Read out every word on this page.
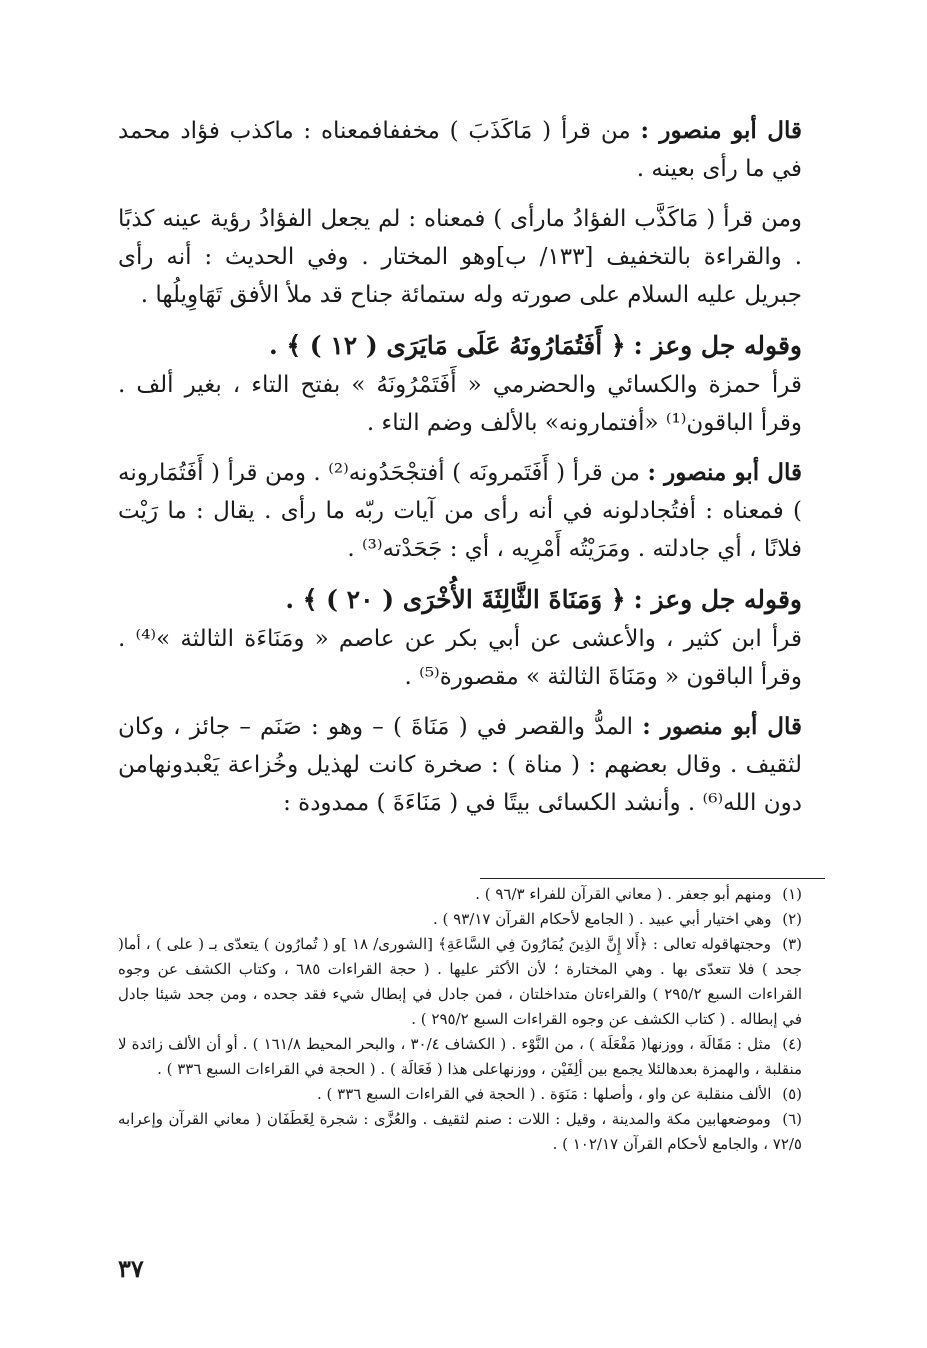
قال أبو منصور : من قرأ ( مَاكَذَبَ ) مخففافمعناه : ماكذب فؤاد محمد في ما رأى بعينه .

ومن قرأ ( مَاكَذَّب الفؤادُ مارأى ) فمعناه : لم يجعل الفؤادُ رؤية عينه كذبًا . والقراءة بالتخفيف [١٣٣/ ب]وهو المختار . وفي الحديث : أنه رأى جبريل عليه السلام على صورته وله ستمائة جناح قد ملأ الأفق تَهَاوِيلُها .

وقوله جل وعز : ﴿ أَفَتُمَارُونَهُ عَلَى مَايَرَى ( ١٢ ) ﴾ .

قرأ حمزة والكسائي والحضرمي « أَفَتَمْرُونَهُ » بفتح التاء ، بغير ألف . وقرأ الباقون⁽¹⁾ «أفتمارونه» بالألف وضم التاء .

قال أبو منصور : من قرأ ( أَفَتَمرونَه ) أفتجْحَدُونه⁽²⁾ . ومن قرأ ( أَفَتُمَارونه ) فمعناه : أفتُجادلونه في أنه رأى من آيات ربّه ما رأى . يقال : ما رَيْت فلانًا ، أي جادلته . ومَرَيْتُه أَمْرِيه ، أي : جَحَدْته⁽³⁾ .

وقوله جل وعز : ﴿ وَمَنَاةَ الثَّالِثَةَ الأُخْرَى ( ٢٠ ) ﴾ .

قرأ ابن كثير ، والأعشى عن أبي بكر عن عاصم « ومَنَاءَة الثالثة »⁽⁴⁾ . وقرأ الباقون « ومَنَاةَ الثالثة » مقصورة⁽⁵⁾ .

قال أبو منصور : المدُّ والقصر في ( مَنَاةَ ) – وهو : صَنَم – جائز ، وكان لثقيف . وقال بعضهم : ( مناة ) : صخرة كانت لهذيل وخُزاعة يَعْبدونهامن دون الله⁽⁶⁾ . وأنشد الكسائى بيتًا في ( مَنَاءَةَ ) ممدودة :

(١) ومنهم أبو جعفر . ( معاني القرآن للفراء ٩٦/٣ ) .

(٢) وهي اختيار أبي عبيد . ( الجامع لأحكام القرآن ٩٣/١٧ ) .

(٣) وحجتهاقوله تعالى : ﴿أَلا إِنَّ الذِينَ يُمَارُونَ فِي السَّاعَةِ﴾ [الشورى/ ١٨ ]و ( تُمارُون ) يتعدّى بـ ( على ) ، أما( جحد ) فلا تتعدّى بها . وهي المختارة ؛ لأن الأكثر عليها . ( حجة القراءات ٦٨٥ ، وكتاب الكشف عن وجوه القراءات السبع ٢٩٥/٢ ) والقراءتان متداخلتان ، فمن جادل في إبطال شيء فقد جحده ، ومن جحد شيئا جادل في إبطاله . ( كتاب الكشف عن وجوه القراءات السبع ٢٩٥/٢ ) .

(٤) مثل : مَقَالَة ، ووزنها( مَفْعَلَة ) ، من النَّوْء . ( الكشاف ٣٠/٤ ، والبحر المحيط ١٦١/٨ ) . أو أن الألف زائدة لا منقلبة ، والهمزة بعدهالئلا يجمع بين ألِفَيْن ، ووزنهاعلى هذا ( فَعَالَة ) . ( الحجة في القراءات السبع ٣٣٦ ) .

(٥) الألف منقلبة عن واو ، وأصلها : مَنَوَة . ( الحجة في القراءات السبع ٣٣٦ ) .

(٦) وموضعهابين مكة والمدينة ، وقيل : اللات : صنم لثقيف . والعُزَّى : شجرة لِغَطَفَان ( معاني القرآن وإعرابه ٧٢/٥ ، والجامع لأحكام القرآن ١٠٢/١٧ ) .

٣٧
